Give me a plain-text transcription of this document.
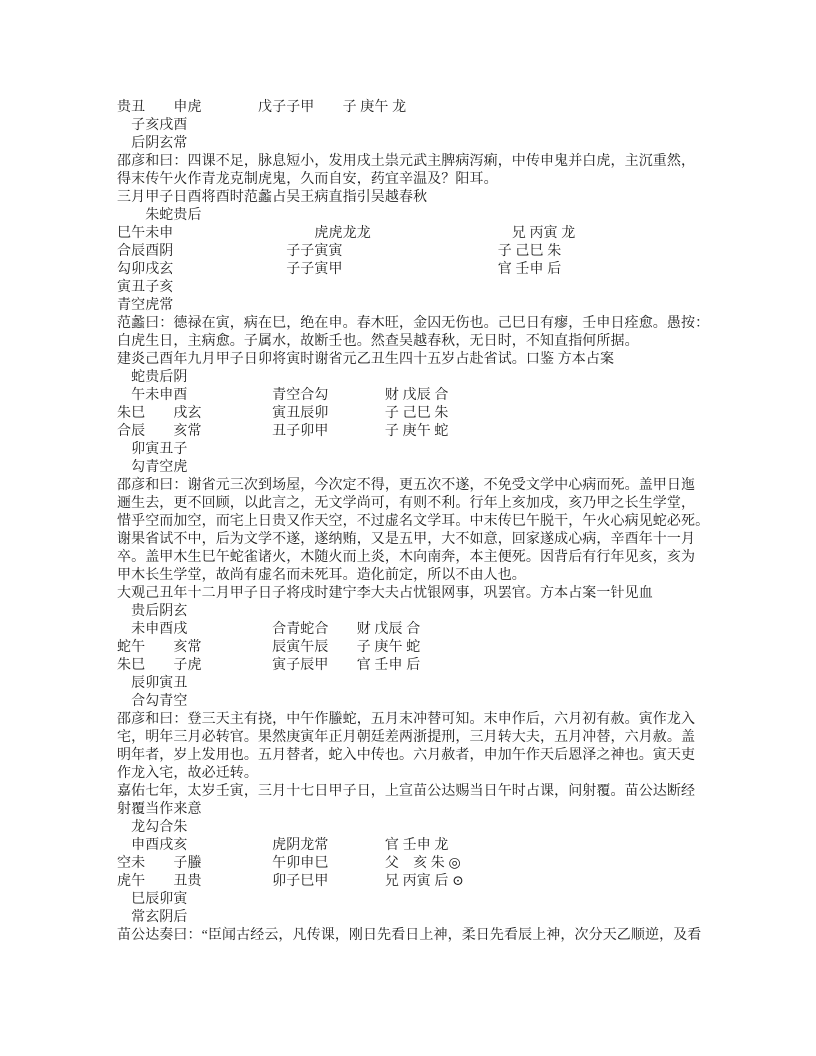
贵丑　　申虎　　　　戊子子甲　　子 庚午 龙
　子亥戌酉
　后阴玄常
邵彦和曰：四课不足，脉息短小，发用戌土祟元武主脾病泻痢，中传申鬼并白虎，主沉重然，
得末传午火作青龙克制虎鬼，久而自安，药宜辛温及？阳耳。
三月甲子日酉将酉时范蠡占吴王病直指引吴越春秋
　　朱蛇贵后
巳午未申　　　　　　　　　　虎虎龙龙　　　　　　　　　　兄 丙寅 龙
合辰酉阴　　　　　　　　子子寅寅　　　　　　　　　　　子 己巳 朱
勾卯戌玄　　　　　　　　子子寅甲　　　　　　　　　　　官 壬申 后
寅丑子亥
青空虎常
范蠡曰：德禄在寅，病在巳，绝在申。春木旺，金囚无伤也。己巳日有瘳，壬申日痊愈。愚按：
白虎生日，主病愈。子属水，故断壬也。然查吴越春秋，无日时，不知直指何所据。
建炎己酉年九月甲子日卯将寅时谢省元乙丑生四十五岁占赴省试。口鉴 方本占案
　蛇贵后阴
　午未申酉　　　　　　青空合勾　　　　财 戊辰 合
朱巳　　戌玄　　　　　寅丑辰卯　　　　子 己巳 朱
合辰　　亥常　　　　　丑子卯甲　　　　子 庚午 蛇
　卯寅丑子
　勾青空虎
邵彦和曰：谢省元三次到场屋，今次定不得，更五次不遂，不免受文学中心病而死。盖甲日迤
逦生去，更不回顾，以此言之，无文学尚可，有则不利。行年上亥加戌，亥乃甲之长生学堂，
惜乎空而加空，而宅上日贵又作天空，不过虚名文学耳。中末传巳午脱干，午火心病见蛇必死。
谢果省试不中，后为文学不遂，遂纳贿，又是五甲，大不如意，回家遂成心病，辛酉年十一月
卒。盖甲木生巳午蛇雀诸火，木随火而上炎，木向南奔，本主便死。因背后有行年见亥，亥为
甲木长生学堂，故尚有虚名而未死耳。造化前定，所以不由人也。
大观己丑年十二月甲子日子将戌时建宁李大夫占忧银网事，巩罢官。方本占案一针见血
　贵后阴玄
　未申酉戌　　　　　　合青蛇合　　财 戊辰 合
蛇午　　亥常　　　　　辰寅午辰　　子 庚午 蛇
朱巳　　子虎　　　　　寅子辰甲　　官 壬申 后
　辰卯寅丑
　合勾青空
邵彦和曰：登三天主有挠，中午作螣蛇，五月末冲替可知。末申作后，六月初有赦。寅作龙入
宅，明年三月必转官。果然庚寅年正月朝廷差两浙提刑，三月转大夫，五月冲替，六月赦。盖
明年者，岁上发用也。五月替者，蛇入中传也。六月赦者，申加午作天后恩泽之神也。寅天吏
作龙入宅，故必迁转。
嘉佑七年，太岁壬寅，三月十七日甲子日，上宣苗公达赐当日午时占课，问射覆。苗公达断经
射覆当作来意
　龙勾合朱
　申酉戌亥　　　　　　虎阴龙常　　　　官 壬申 龙
空未　　子螣　　　　　午卯申巳　　　　父　亥 朱 ◎
虎午　　丑贵　　　　　卯子巳甲　　　　兄 丙寅 后 ⊙
　巳辰卯寅
　常玄阴后
苗公达奏曰：“臣闻古经云，凡传课，刚日先看日上神，柔日先看辰上神，次分天乙顺逆，及看
